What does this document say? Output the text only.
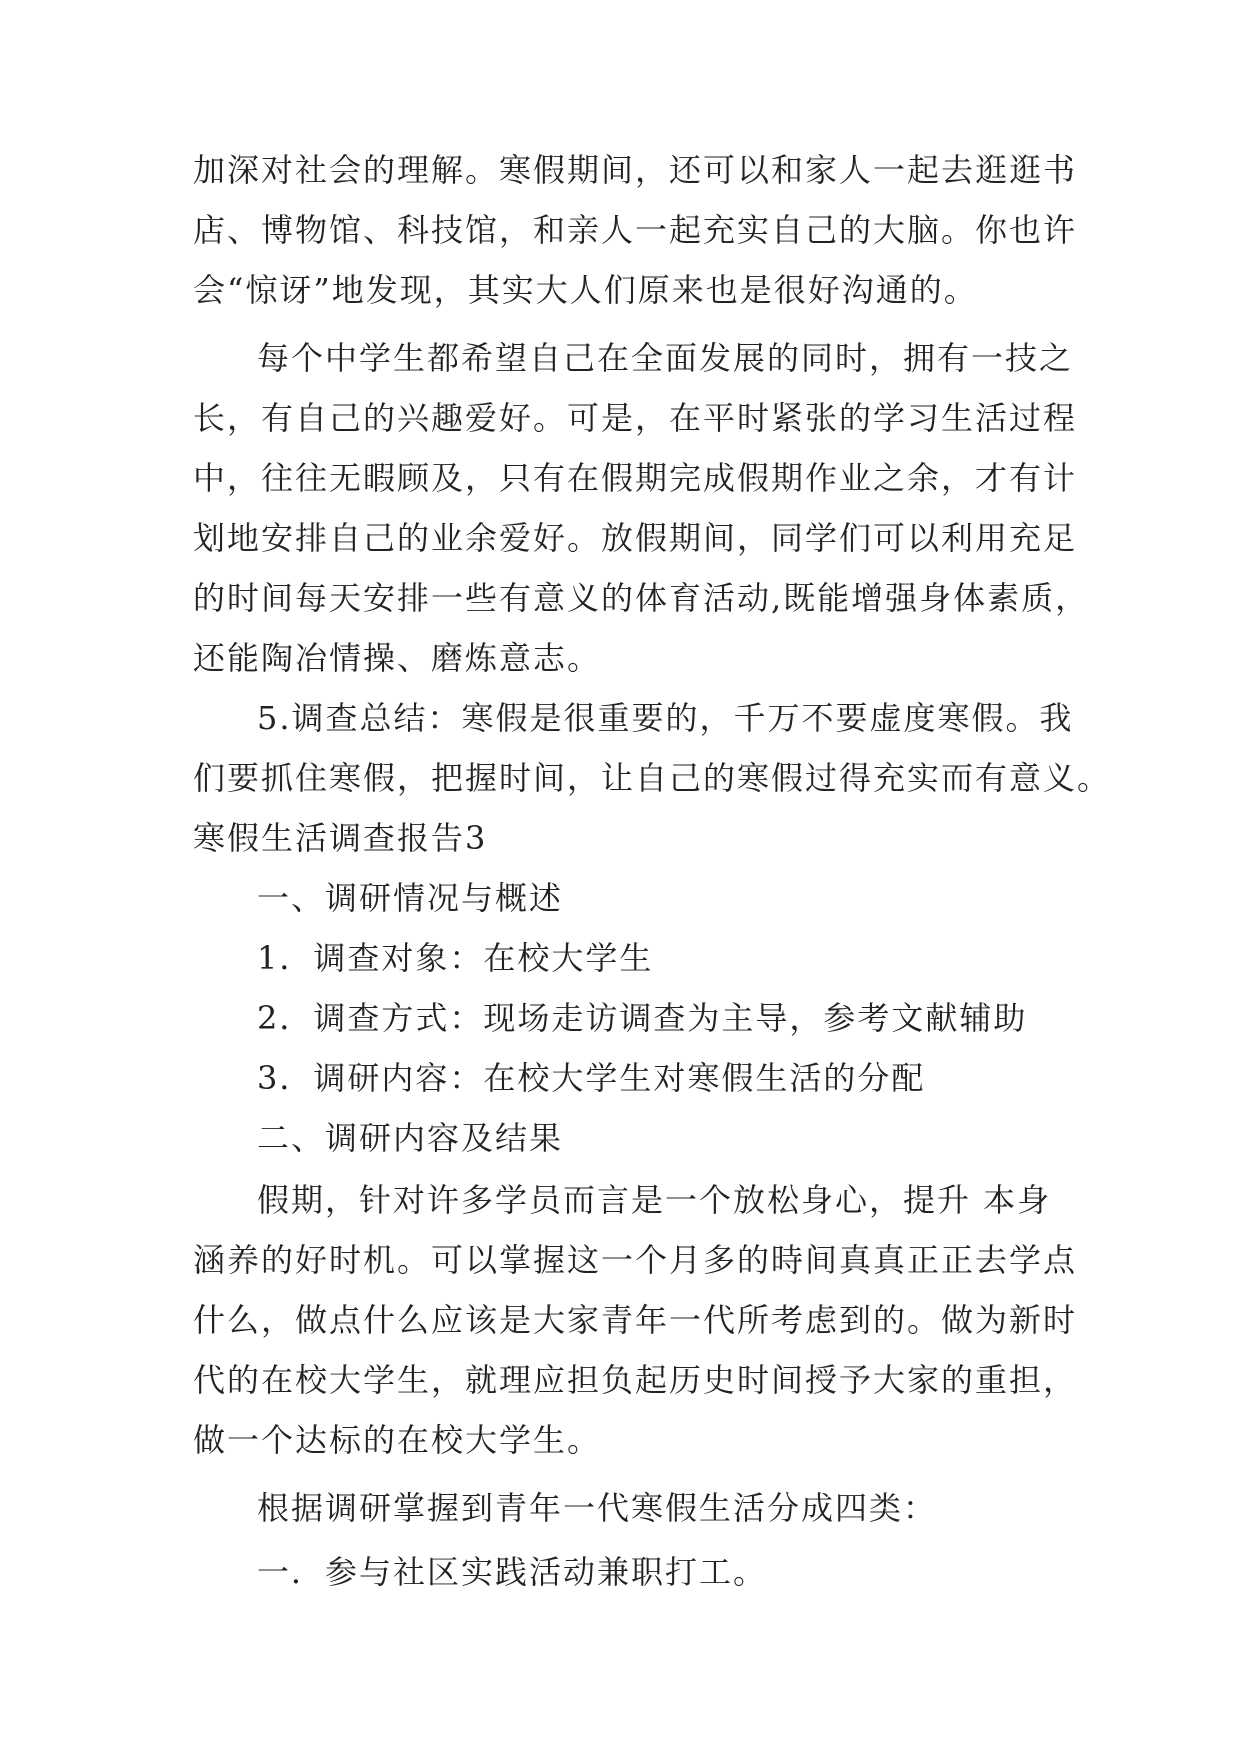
加深对社会的理解。寒假期间，还可以和家人一起去逛逛书
店、博物馆、科技馆，和亲人一起充实自己的大脑。你也许
会“惊讶”地发现，其实大人们原来也是很好沟通的。
每个中学生都希望自己在全面发展的同时，拥有一技之
长，有自己的兴趣爱好。可是，在平时紧张的学习生活过程
中，往往无暇顾及，只有在假期完成假期作业之余，才有计
划地安排自己的业余爱好。放假期间，同学们可以利用充足
的时间每天安排一些有意义的体育活动,既能增强身体素质，
还能陶冶情操、磨炼意志。
5.调查总结：寒假是很重要的，千万不要虚度寒假。我
们要抓住寒假，把握时间，让自己的寒假过得充实而有意义。
寒假生活调查报告3
一、调研情况与概述
1．调查对象：在校大学生
2．调查方式：现场走访调查为主导，参考文献辅助
3．调研内容：在校大学生对寒假生活的分配
二、调研内容及结果
假期，针对许多学员而言是一个放松身心，提升 本身
涵养的好时机。可以掌握这一个月多的時间真真正正去学点
什么，做点什么应该是大家青年一代所考虑到的。做为新时
代的在校大学生，就理应担负起历史时间授予大家的重担，
做一个达标的在校大学生。
根据调研掌握到青年一代寒假生活分成四类：
一．参与社区实践活动兼职打工。
